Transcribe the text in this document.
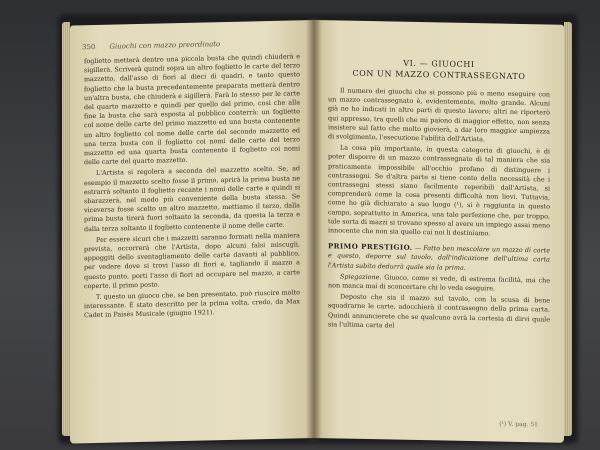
350 Giuochi con mazzo preordinato

foglietto metterà dentro una piccola busta che quindi chiuderà e sigillerà. Scriverà quindi sopra un altro foglietto le carte del terzo mazzetto, dall'asso di fiori al dieci di quadri, e tanto questo foglietto che la busta precedentemente preparata metterà dentro un'altra busta, che chiuderà e sigillerà. Farà lo stesso per le carte del quarto mazzetto e quindi per quello del primo, così che alla fine la busta che sarà esposta al pubblico conterrà: un foglietto col nome delle carte del primo mazzetto ed una busta contenente un altro foglietto col nome delle carte del secondo mazzetto ed una terza busta con il foglietto coi nomi delle carte del terzo mazzetto ed una quarta busta contenente il foglietto coi nomi delle carte del quarto mazzetto.

L'Artista si regolerà a seconda del mazzetto scelto. Se, ad esempio il mazzetto scelto fosse il primo, aprirà la prima busta ne estrarrà soltanto il foglietto recante i nomi delle carte e quindi si sbarazzerà, nel modo più conveniente della busta stessa. Se viceversa fosse scelto un altro mazzetto, mettiamo il terzo, dalla prima busta tirerà fuori soltanto la seconda, da questa la terza e dalla terza soltanto il foglietto contenente il nome delle carte.

Per essere sicuri che i mazzetti saranno formati nella maniera prevista, occorrerà che l'Artista, dopo alcuni falsi miscugli, appoggiti dello sventagliamento delle carte davanti al pubblico, per vedere dove si trovi l'asso di fiori e, tagliando il mazzo a questo punto, porti l'asso di fiori ad occupare nel mazzo, a carte coperte, il primo posto.

T. questo un giuoco che, se ben presentato, può riuscire molto interessante. È stato descritto per la prima volta, credo, da Max Cadet in Paisès Musicale (giugno 1921).

VI. — GIUOCHI
CON UN MAZZO CONTRASSEGNATO

Il numero dei giuochi che si possono più o meno eseguire con un mazzo contrassegnato è, evidentemente, molto grande. Alcuni già ne ho indicati in altre parti di questo lavoro; altri ne riporterò qui appresso, tra quelli che mi paiono di maggior effetto, non senza insistere sul fatto che molto giovierà, a dar loro maggior ampiezza di svolgimento, l'esecuzione l'abilità dell'Artista.

La cosa più importante, in questa categoria di giuochi, è di poter disporre di un mazzo contrassegnato di tal maniera che sia praticamente impossibile all'occhio profano di distinguere i contrassegni. Se d'altra parte si tiene conto della necessità che i contrassegni stessi siano facilmente reperibili dall'Artista, si comprenderà come la cosa presenti difficoltà non lievi. Tuttavia, come ho già dichiarato a suo luogo (¹), si è raggiunta in questo campo, soprattutto in America, una tale perfezione che, per troppo, tale sorta di mazzi si trovano spesso al avere un impiego assai meno innocente che non sia quello cui noi li destiniamo.

PRIMO PRESTIGIO. — Fatto ben mescolare un mazzo di carte e questo, deporre sul tavolo, dall'indicazione dell'ultima carta l'Artista subito dedurrà quale sia la prima.

Spiegazione. Giuoco, come si vede, di estrema facilità, ma che non manca mai di sconcertare chi lo veda eseguire.

Deposto che sia il mazzo sul tavolo, con la scusa di bene squadrarne le carte, adocchierà il contrassegno della prima carta. Quindi annuncierete che se qualcuno avrà la cortesia di dirvi quale sia l'ultima carta del

(¹) V. pag. 51
